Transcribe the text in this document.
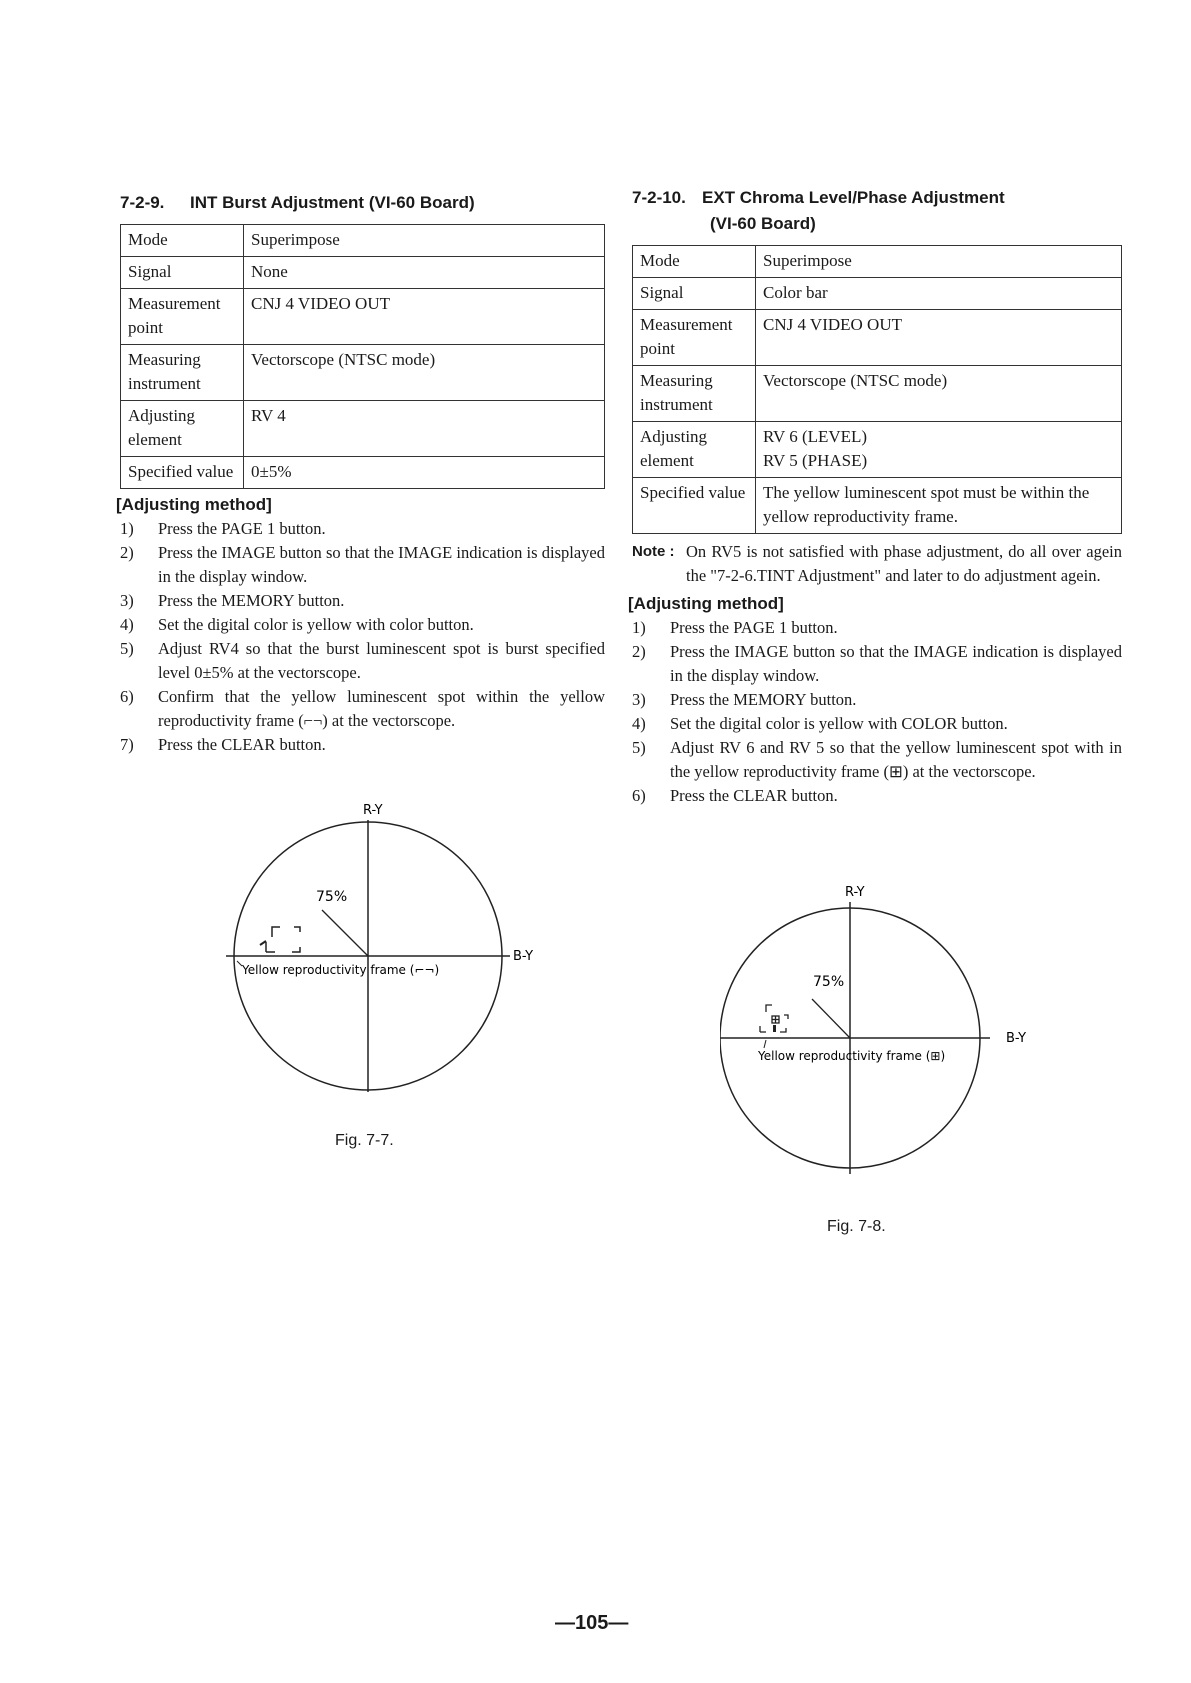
7-2-9. INT Burst Adjustment (VI-60 Board)
Mode	Superimpose
Signal	None
Measurement point	CNJ 4 VIDEO OUT
Measuring instrument	Vectorscope (NTSC mode)
Adjusting element	RV 4
Specified value	0±5%
[Adjusting method]
1) Press the PAGE 1 button.
2) Press the IMAGE button so that the IMAGE indication is displayed in the display window.
3) Press the MEMORY button.
4) Set the digital color is yellow with color button.
5) Adjust RV4 so that the burst luminescent spot is burst specified level 0±5% at the vectorscope.
6) Confirm that the yellow luminescent spot within the yellow reproductivity frame (⌐¬) at the vectorscope.
7) Press the CLEAR button.
R-Y
B-Y
75%
Yellow reproductivity frame (⌐¬)
Fig. 7-7.
7-2-10. EXT Chroma Level/Phase Adjustment
(VI-60 Board)
Mode	Superimpose
Signal	Color bar
Measurement point	CNJ 4 VIDEO OUT
Measuring instrument	Vectorscope (NTSC mode)
Adjusting element	RV 6 (LEVEL)
RV 5 (PHASE)
Specified value	The yellow luminescent spot must be within the yellow reproductivity frame.
Note : On RV5 is not satisfied with phase adjustment, do all over agein the "7-2-6.TINT Adjustment" and later to do adjustment agein.
[Adjusting method]
1) Press the PAGE 1 button.
2) Press the IMAGE button so that the IMAGE indication is displayed in the display window.
3) Press the MEMORY button.
4) Set the digital color is yellow with COLOR button.
5) Adjust RV 6 and RV 5 so that the yellow luminescent spot with in the yellow reproductivity frame (⊞) at the vectorscope.
6) Press the CLEAR button.
R-Y
B-Y
75%
Yellow reproductivity frame (⊞)
Fig. 7-8.
—105—
